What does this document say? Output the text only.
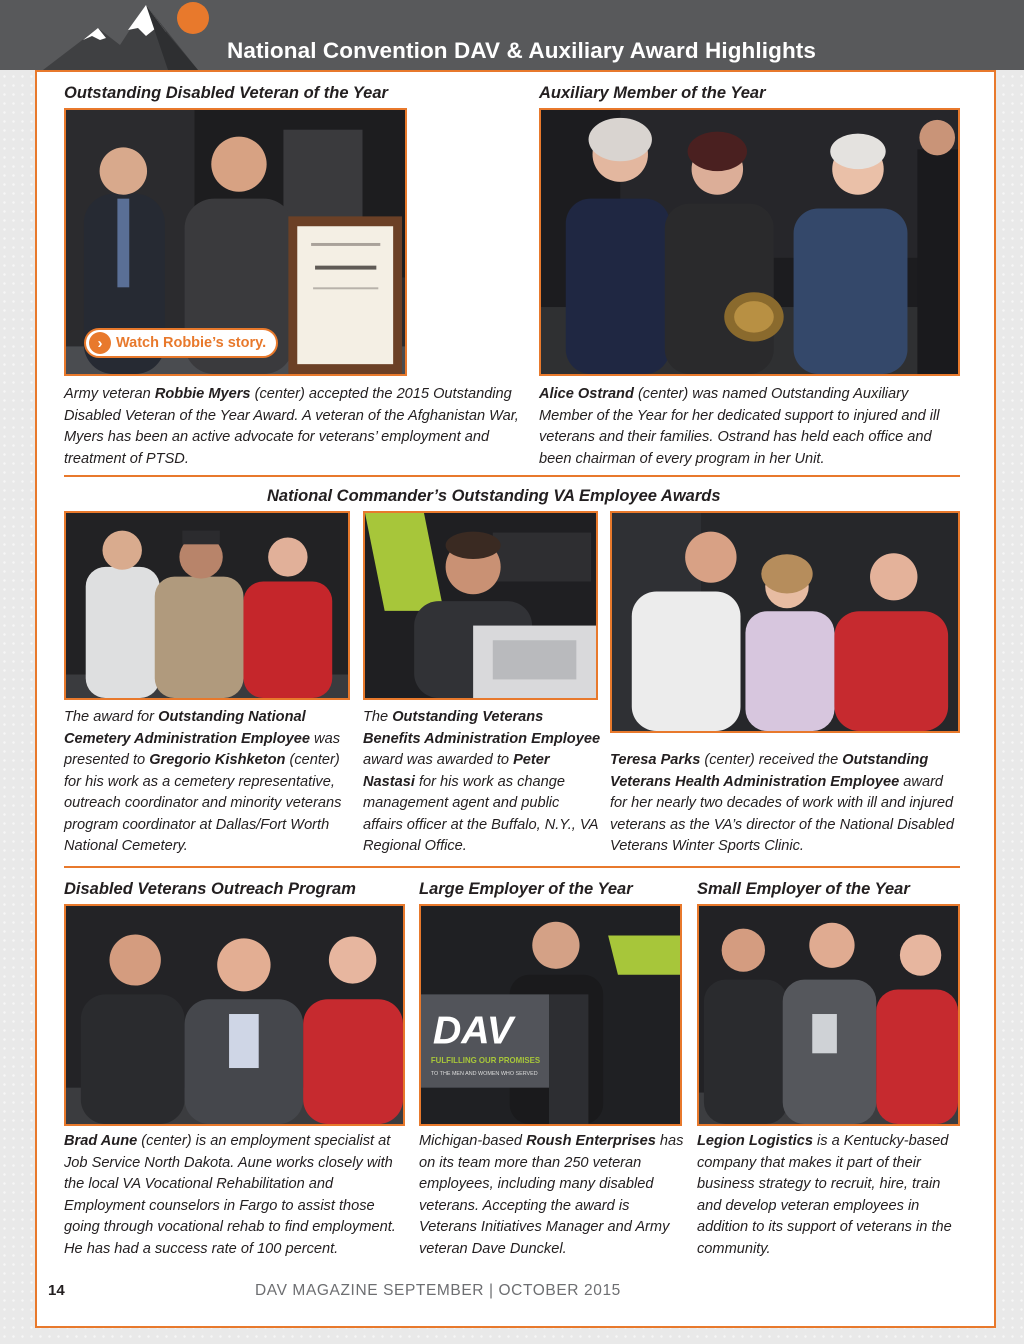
National Convention DAV & Auxiliary Award Highlights
Outstanding Disabled Veteran of the Year
› Watch Robbie’s story.
Army veteran Robbie Myers (center) accepted the 2015 Outstanding Disabled Veteran of the Year Award. A veteran of the Afghanistan War, Myers has been an active advocate for veterans’ employment and treatment of PTSD.
Auxiliary Member of the Year
Alice Ostrand (center) was named Outstanding Auxiliary Member of the Year for her dedicated support to injured and ill veterans and their families. Ostrand has held each office and been chairman of every program in her Unit.
National Commander’s Outstanding VA Employee Awards
The award for Outstanding National Cemetery Administration Employee was presented to Gregorio Kishketon (center) for his work as a cemetery representative, outreach coordinator and minority veterans program coordinator at Dallas/Fort Worth National Cemetery.
The Outstanding Veterans Benefits Administration Employee award was awarded to Peter Nastasi for his work as change management agent and public affairs officer at the Buffalo, N.Y., VA Regional Office.
Teresa Parks (center) received the Outstanding Veterans Health Administration Employee award for her nearly two decades of work with ill and injured veterans as the VA’s director of the National Disabled Veterans Winter Sports Clinic.
Disabled Veterans Outreach Program
Brad Aune (center) is an employment specialist at Job Service North Dakota. Aune works closely with the local VA Vocational Rehabilitation and Employment counselors in Fargo to assist those going through vocational rehab to find employment. He has had a success rate of 100 percent.
Large Employer of the Year
DAV
FULFILLING OUR PROMISES
TO THE MEN AND WOMEN WHO SERVED
Michigan-based Roush Enterprises has on its team more than 250 veteran employees, including many disabled veterans. Accepting the award is Veterans Initiatives Manager and Army veteran Dave Dunckel.
Small Employer of the Year
Legion Logistics is a Kentucky-based company that makes it part of their business strategy to recruit, hire, train and develop veteran employees in addition to its support of veterans in the community.
14	DAV MAGAZINE SEPTEMBER | OCTOBER 2015
